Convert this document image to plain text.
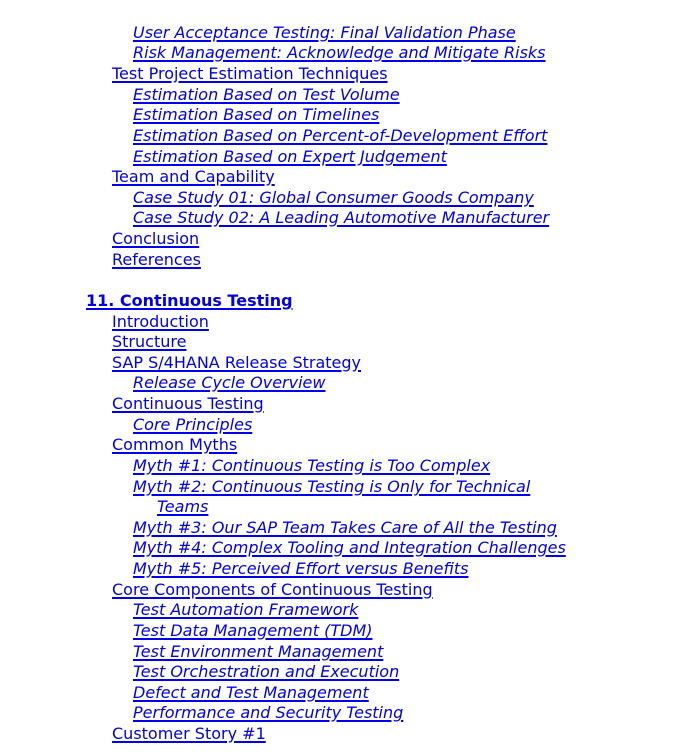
User Acceptance Testing: Final Validation Phase
Risk Management: Acknowledge and Mitigate Risks
Test Project Estimation Techniques
Estimation Based on Test Volume
Estimation Based on Timelines
Estimation Based on Percent-of-Development Effort
Estimation Based on Expert Judgement
Team and Capability
Case Study 01: Global Consumer Goods Company
Case Study 02: A Leading Automotive Manufacturer
Conclusion
References
11. Continuous Testing
Introduction
Structure
SAP S/4HANA Release Strategy
Release Cycle Overview
Continuous Testing
Core Principles
Common Myths
Myth #1: Continuous Testing is Too Complex
Myth #2: Continuous Testing is Only for Technical
Teams
Myth #3: Our SAP Team Takes Care of All the Testing
Myth #4: Complex Tooling and Integration Challenges
Myth #5: Perceived Effort versus Benefits
Core Components of Continuous Testing
Test Automation Framework
Test Data Management (TDM)
Test Environment Management
Test Orchestration and Execution
Defect and Test Management
Performance and Security Testing
Customer Story #1
